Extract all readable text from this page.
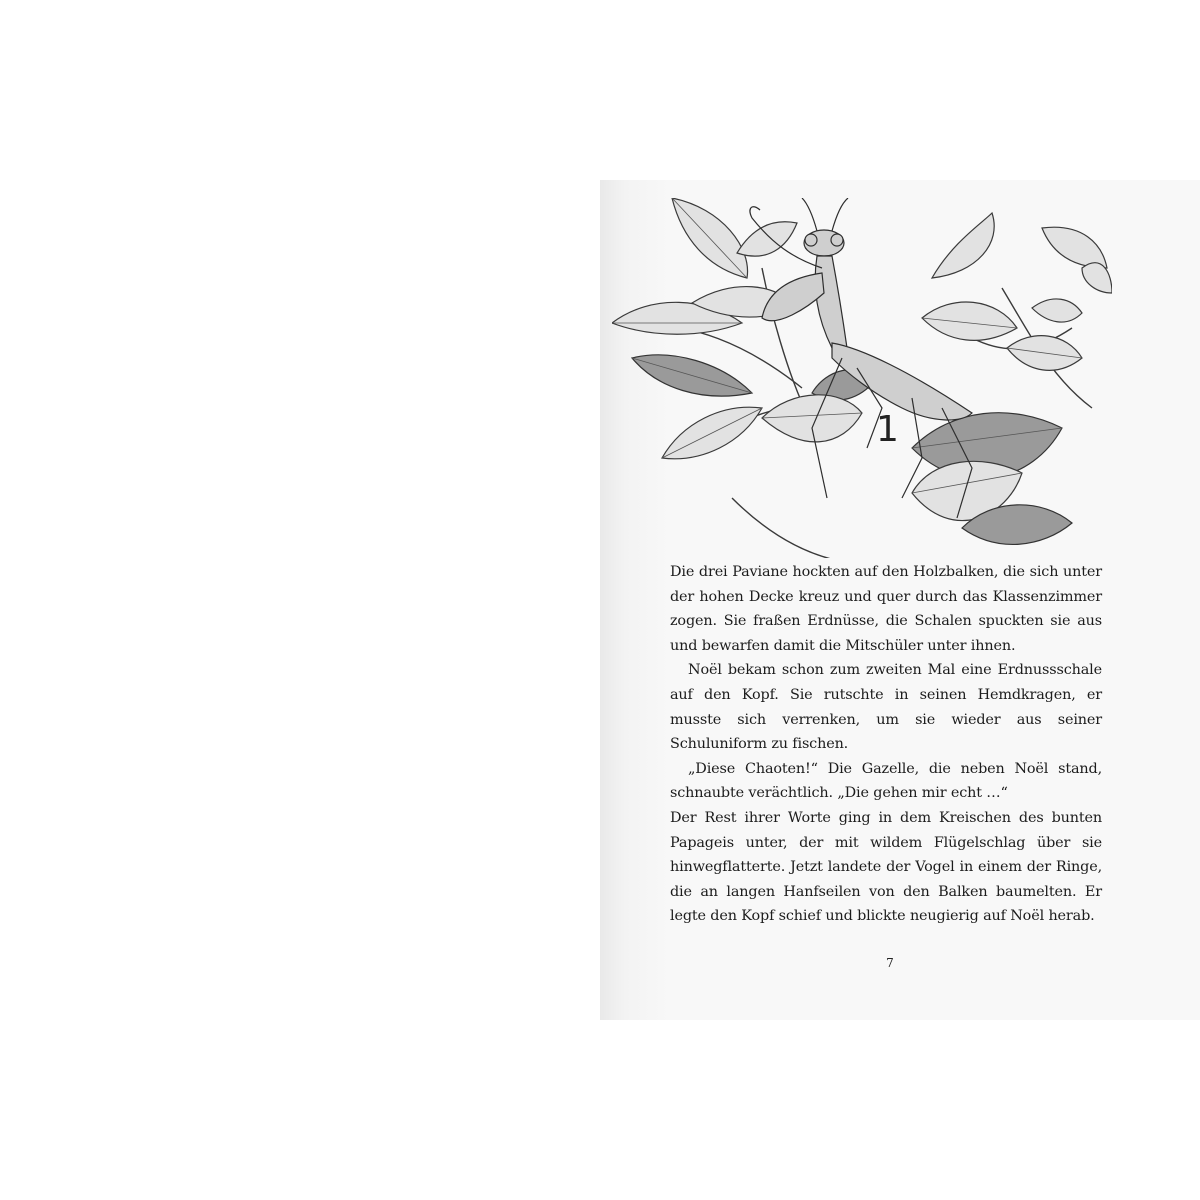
1

Die drei Paviane hockten auf den Holzbalken, die sich unter der hohen Decke kreuz und quer durch das Klassenzimmer zogen. Sie fraßen Erdnüsse, die Schalen spuckten sie aus und bewarfen damit die Mitschüler unter ihnen.

Noël bekam schon zum zweiten Mal eine Erdnussschale auf den Kopf. Sie rutschte in seinen Hemdkragen, er musste sich verrenken, um sie wieder aus seiner Schuluniform zu fischen.

„Diese Chaoten!“ Die Gazelle, die neben Noël stand, schnaubte verächtlich. „Die gehen mir echt …“

Der Rest ihrer Worte ging in dem Kreischen des bunten Papageis unter, der mit wildem Flügelschlag über sie hinwegflatterte. Jetzt landete der Vogel in einem der Ringe, die an langen Hanfseilen von den Balken baumelten. Er legte den Kopf schief und blickte neugierig auf Noël herab.

7
